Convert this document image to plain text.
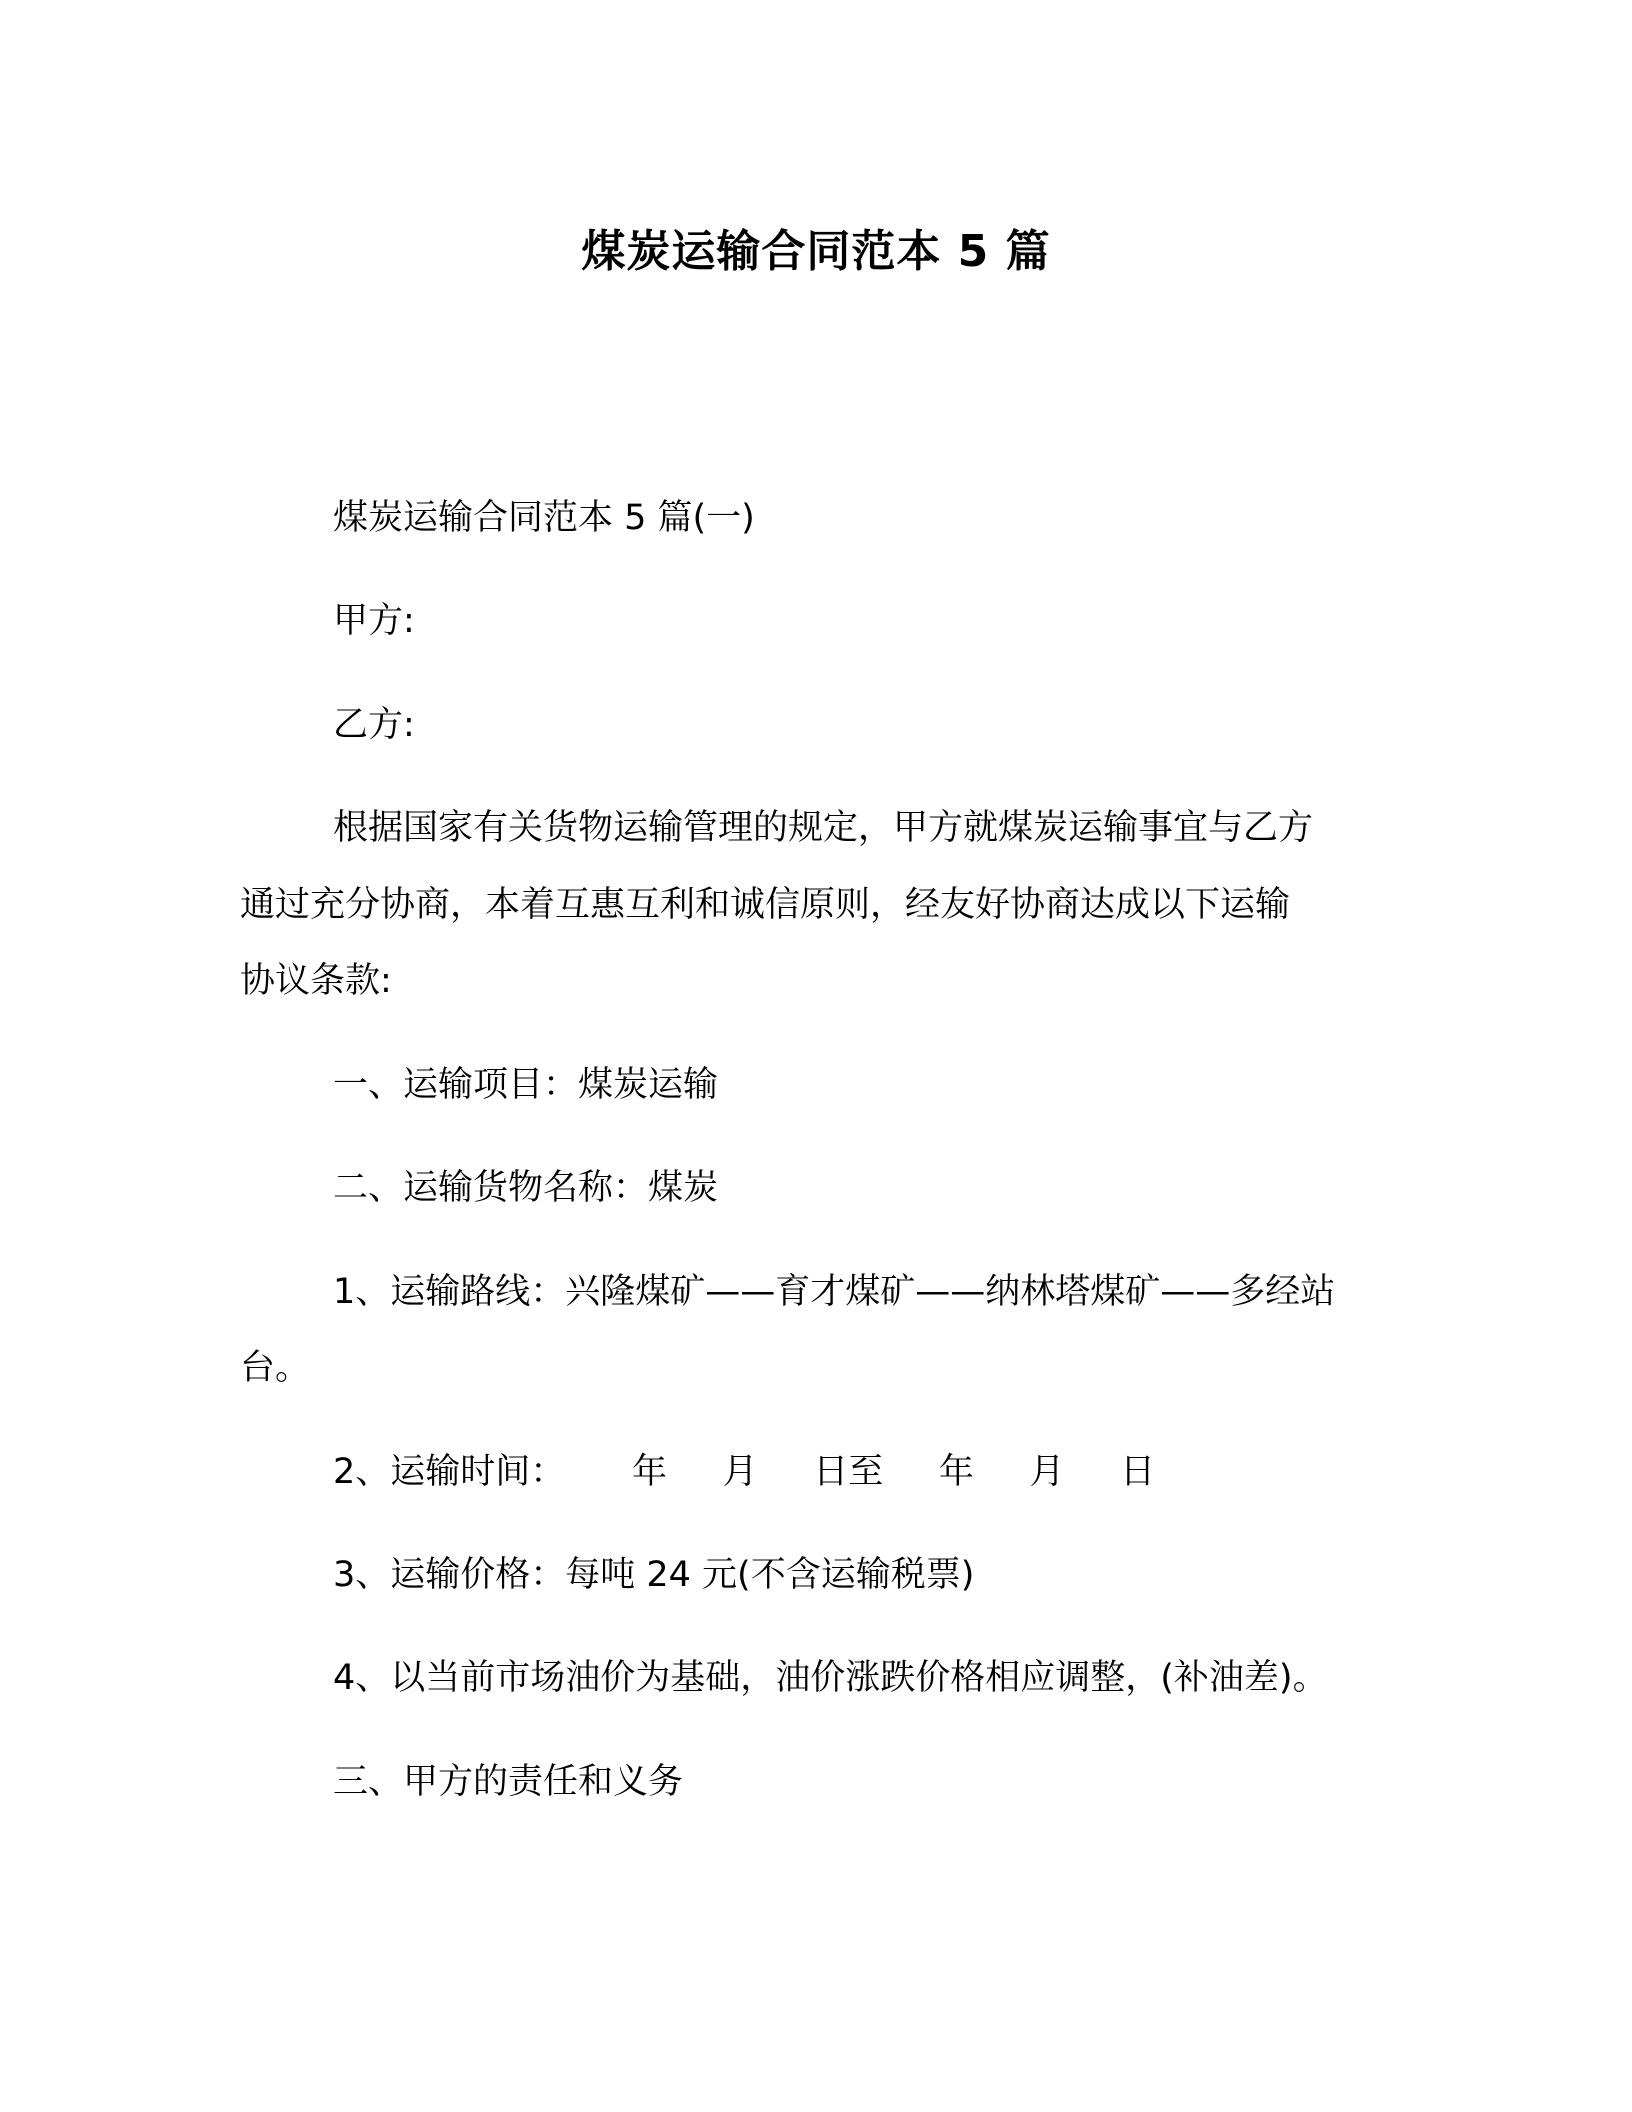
煤炭运输合同范本 5 篇
煤炭运输合同范本 5 篇(一)
甲方:
乙方:
根据国家有关货物运输管理的规定，甲方就煤炭运输事宜与乙方
通过充分协商，本着互惠互利和诚信原则，经友好协商达成以下运输
协议条款:
一、运输项目：煤炭运输
二、运输货物名称：煤炭
1、运输路线：兴隆煤矿——育才煤矿——纳林塔煤矿——多经站
台。
2、运输时间：      年     月     日至     年     月     日
3、运输价格：每吨 24 元(不含运输税票)
4、以当前市场油价为基础，油价涨跌价格相应调整，(补油差)。
三、甲方的责任和义务
